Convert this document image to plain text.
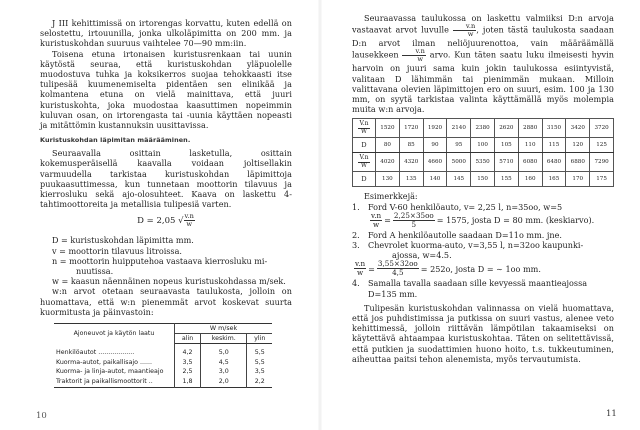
J III kehittimissä on irtorengas korvattu, kuten edellä on selostettu, irtouunilla, jonka ulkoläpimitta on 200 mm. ja kuristuskohdan suuruus vaihtelee 70—90 mm:iin.

Toisena etuna irtonaisen kuristusrenkaan tai uunin käytöstä seuraa, että kuristuskohdan yläpuolelle muodostuva tuhka ja koksikerros suojaa tehokkaasti itse tulipesää kuumenemiselta pidentäen sen elinikää ja kolmantena etuna on vielä mainittava, että juuri kuristuskohta, joka muodostaa kaasuttimen nopeimmin kuluvan osan, on irtorengasta tai -uunia käyttäen nopeasti ja mitättömin kustannuksin uusittavissa.

Kuristuskohdan läpimitan määrääminen.

Seuraavalla osittain lasketulla, osittain kokemusperäisellä kaavalla voidaan joltisellakin varmuudella tarkistaa kuristuskohdan läpimittoja puukaasuttimessa, kun tunnetaan moottorin tilavuus ja kierrosluku sekä ajo-olosuhteet. Kaava on laskettu 4-tahtimoottoreita ja metallisia tulipesiä varten.

D = 2,05 √ $\frac{v.n}{w}$
D = kuristuskohdan läpimitta mm.
v = moottorin tilavuus litroissa.
n = moottorin huipputehoa vastaava kierrosluku mi-
nuutissa.
w = kaasun näennäinen nopeus kuristuskohdassa m/sek.

w:n arvot otetaan seuraavasta taulukosta, jolloin on huomattava, että w:n pienemmät arvot koskevat suurta kuormitusta ja päinvastoin:

Ajoneuvot ja käytön laatu	W m/sek		
	alin	keskim.	ylin
Henkilöautot ..................	4,2	5,0	5,5
Kuorma-autot, paikallisajo ......	3,5	4,5	5,5
Kuorma- ja linja-autot, maantieajo	2,5	3,0	3,5
Traktorit ja paikallismoottorit ..	1,8	2,0	2,2
10

Seuraavassa taulukossa on laskettu valmiiksi D:n arvoja vastaavat arvot luvulle $\frac{v.n}{w}$ , joten tästä taulukosta saadaan D:n arvot ilman neliöjuurenottoa, vain määräämällä lausekkeen $\frac{v.n}{w}$ arvo. Kun täten saatu luku ilmeisesti hyvin harvoin on juuri sama kuin jokin taulukossa esiintyvistä, valitaan D lähimmän tai pienimmän mukaan. Milloin valittavana olevien läpimittojen ero on suuri, esim. 100 ja 130 mm, on syytä tarkistaa valinta käyttämällä myös molempia muita w:n arvoja.

$\frac{V.n}{W}$	1520	1720	1920	2140	2380	2620	2880	3150	3420	3720
D	80	85	90	95	100	105	110	115	120	125

$\frac{V.n}{W}$	4020	4320	4660	5000	5350	5710	6080	6480	6880	7290
D	130	135	140	145	150	155	160	165	170	175
Esimerkkejä:
1.	Ford V-60 henkilöauto, v= 2,25 l, n=35oo, w=5
$\frac{v.n}{w} = \frac{2,25\times 35oo}{5} = 1575$, josta D = 80 mm. (keskiarvo).
2.	Ford A henkilöautolle saadaan D=11o mm. jne.
3.	Chevrolet kuorma-auto, v=3,55 l, n=32oo kaupunki-
ajossa, w=4.5.
$\frac{v.n}{w} = \frac{3,55\times 32oo}{4,5} = 252o$, josta D = ∼ 1oo mm.
4.	Samalla tavalla saadaan sille kevyessä maantieajossa
D=135 mm.

Tulipesän kuristuskohdan valinnassa on vielä huomattava, että jos puhdistimissa ja putkissa on suuri vastus, alenee veto kehittimessä, jolloin riittävän lämpötilan takaamiseksi on käytettävä ahtaampaa kuristuskohtaa. Täten on selitettävissä, että putkien ja suodattimien huono hoito, t.s. tukkeutuminen, aiheuttaa paitsi tehon alenemista, myös tervautumista.

11
